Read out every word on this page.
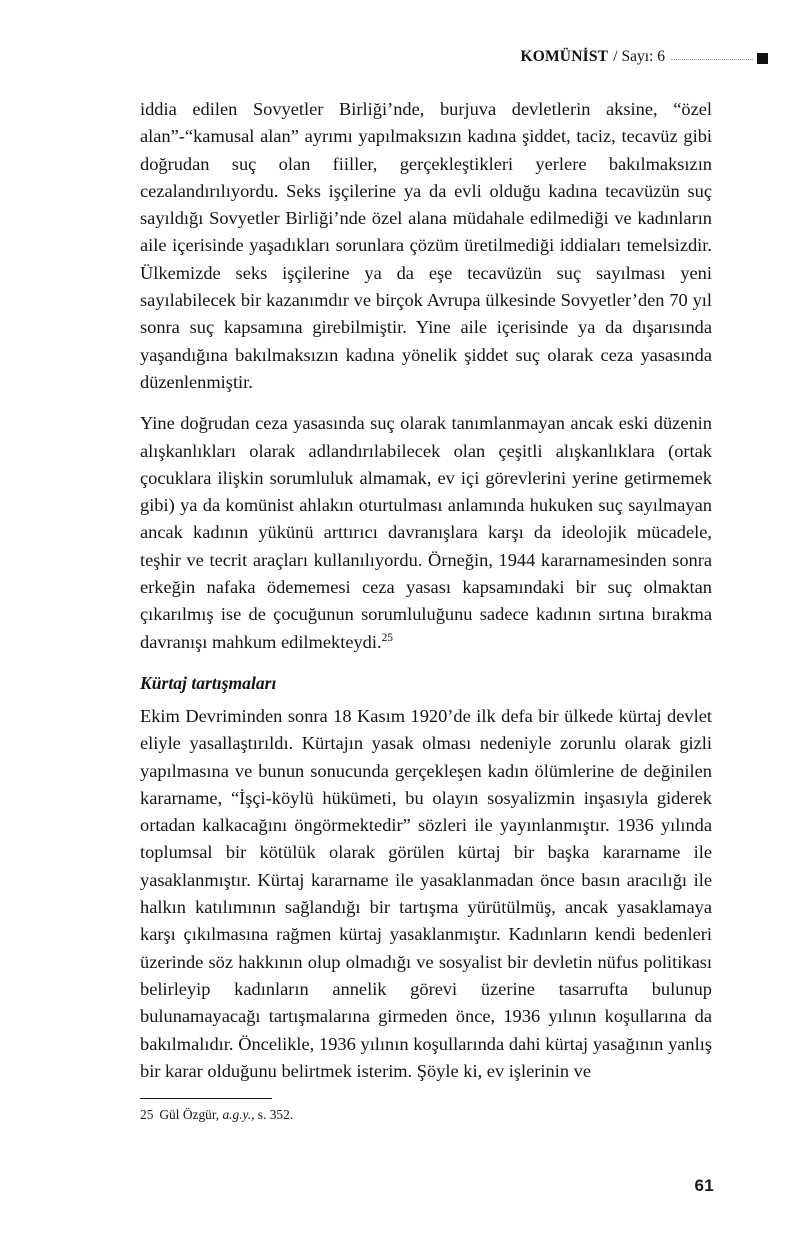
KOMÜNİST / Sayı: 6

iddia edilen Sovyetler Birliği’nde, burjuva devletlerin aksine, “özel alan”-“kamusal alan” ayrımı yapılmaksızın kadına şiddet, taciz, tecavüz gibi doğrudan suç olan fiiller, gerçekleştikleri yerlere bakılmaksızın cezalandırılıyordu. Seks işçilerine ya da evli olduğu kadına tecavüzün suç sayıldığı Sovyetler Birliği’nde özel alana müdahale edilmediği ve kadınların aile içerisinde yaşadıkları sorunlara çözüm üretilmediği iddiaları temelsizdir. Ülkemizde seks işçilerine ya da eşe tecavüzün suç sayılması yeni sayılabilecek bir kazanımdır ve birçok Avrupa ülkesinde Sovyetler’den 70 yıl sonra suç kapsamına girebilmiştir. Yine aile içerisinde ya da dışarısında yaşandığına bakılmaksızın kadına yönelik şiddet suç olarak ceza yasasında düzenlenmiştir.

Yine doğrudan ceza yasasında suç olarak tanımlanmayan ancak eski düzenin alışkanlıkları olarak adlandırılabilecek olan çeşitli alışkanlıklara (ortak çocuklara ilişkin sorumluluk almamak, ev içi görevlerini yerine getirmemek gibi) ya da komünist ahlakın oturtulması anlamında hukuken suç sayılmayan ancak kadının yükünü arttırıcı davranışlara karşı da ideolojik mücadele, teşhir ve tecrit araçları kullanılıyordu. Örneğin, 1944 kararnamesinden sonra erkeğin nafaka ödememesi ceza yasası kapsamındaki bir suç olmaktan çıkarılmış ise de çocuğunun sorumluluğunu sadece kadının sırtına bırakma davranışı mahkum edilmekteydi.$^{25}$

Kürtaj tartışmaları

Ekim Devriminden sonra 18 Kasım 1920’de ilk defa bir ülkede kürtaj devlet eliyle yasallaştırıldı. Kürtajın yasak olması nedeniyle zorunlu olarak gizli yapılmasına ve bunun sonucunda gerçekleşen kadın ölümlerine de değinilen kararname, “İşçi-köylü hükümeti, bu olayın sosyalizmin inşasıyla giderek ortadan kalkacağını öngörmektedir” sözleri ile yayınlanmıştır. 1936 yılında toplumsal bir kötülük olarak görülen kürtaj bir başka kararname ile yasaklanmıştır. Kürtaj kararname ile yasaklanmadan önce basın aracılığı ile halkın katılımının sağlandığı bir tartışma yürütülmüş, ancak yasaklamaya karşı çıkılmasına rağmen kürtaj yasaklanmıştır. Kadınların kendi bedenleri üzerinde söz hakkının olup olmadığı ve sosyalist bir devletin nüfus politikası belirleyip kadınların annelik görevi üzerine tasarrufta bulunup bulunamayacağı tartışmalarına girmeden önce, 1936 yılının koşullarına da bakılmalıdır. Öncelikle, 1936 yılının koşullarında dahi kürtaj yasağının yanlış bir karar olduğunu belirtmek isterim. Şöyle ki, ev işlerinin ve

25 Gül Özgür, a.g.y., s. 352.
61
